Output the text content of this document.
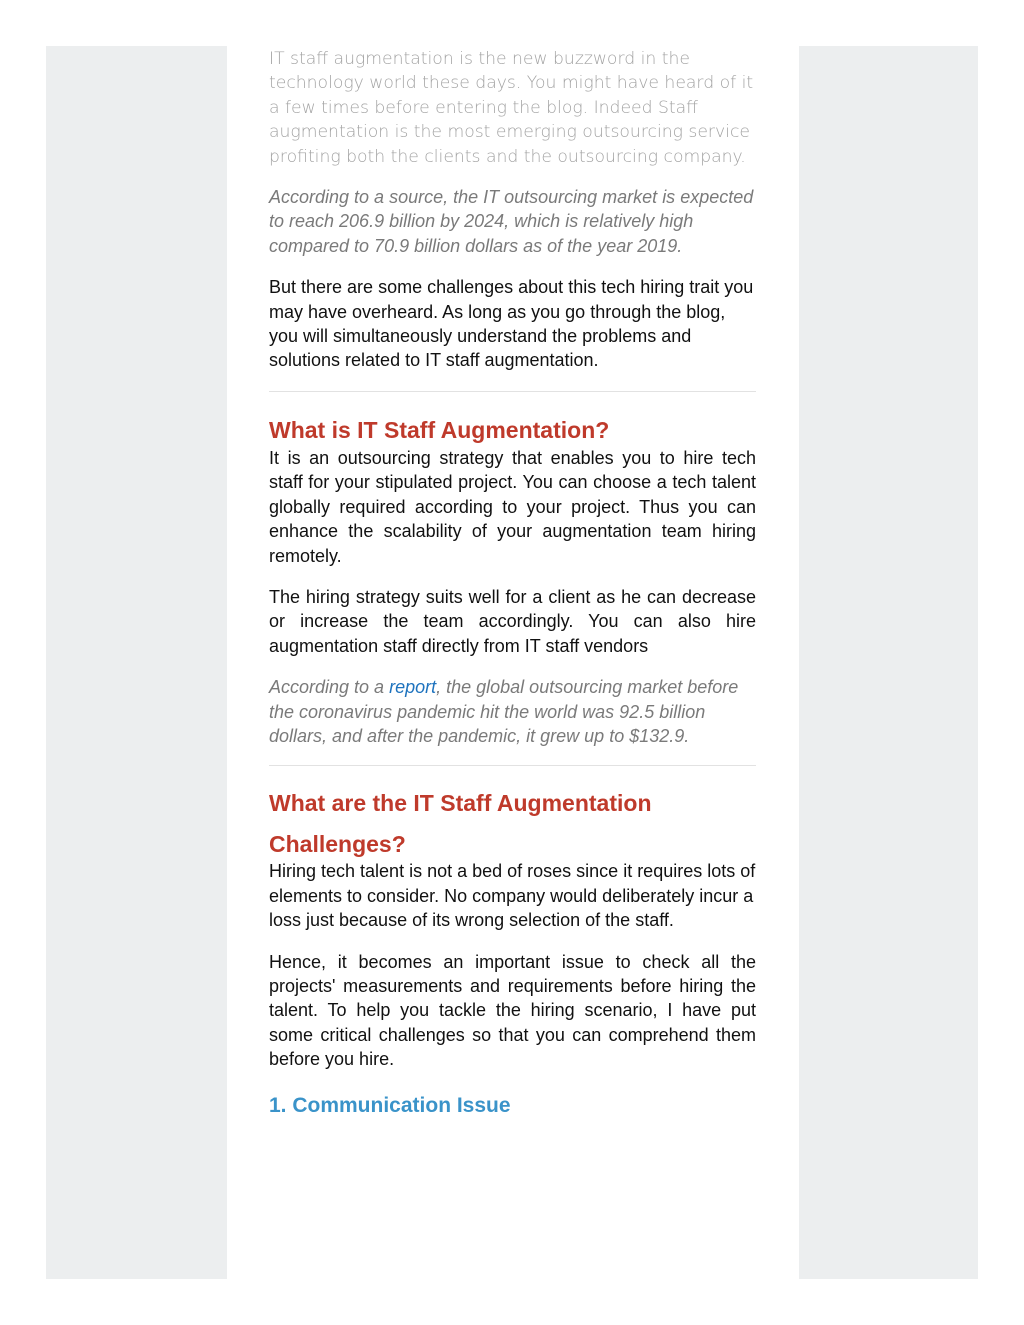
IT staff augmentation is the new buzzword in the technology world these days. You might have heard of it a few times before entering the blog. Indeed Staff augmentation is the most emerging outsourcing service profiting both the clients and the outsourcing company.

According to a source, the IT outsourcing market is expected to reach 206.9 billion by 2024, which is relatively high compared to 70.9 billion dollars as of the year 2019.

But there are some challenges about this tech hiring trait you may have overheard. As long as you go through the blog, you will simultaneously understand the problems and solutions related to IT staff augmentation.

What is IT Staff Augmentation?

It is an outsourcing strategy that enables you to hire tech staff for your stipulated project. You can choose a tech talent globally required according to your project. Thus you can enhance the scalability of your augmentation team hiring remotely.

The hiring strategy suits well for a client as he can decrease or increase the team accordingly. You can also hire augmentation staff directly from IT staff vendors

According to a report, the global outsourcing market before the coronavirus pandemic hit the world was 92.5 billion dollars, and after the pandemic, it grew up to $132.9.

What are the IT Staff Augmentation
Challenges?

Hiring tech talent is not a bed of roses since it requires lots of elements to consider. No company would deliberately incur a loss just because of its wrong selection of the staff.

Hence, it becomes an important issue to check all the projects' measurements and requirements before hiring the talent. To help you tackle the hiring scenario, I have put some critical challenges so that you can comprehend them before you hire.

1. Communication Issue
